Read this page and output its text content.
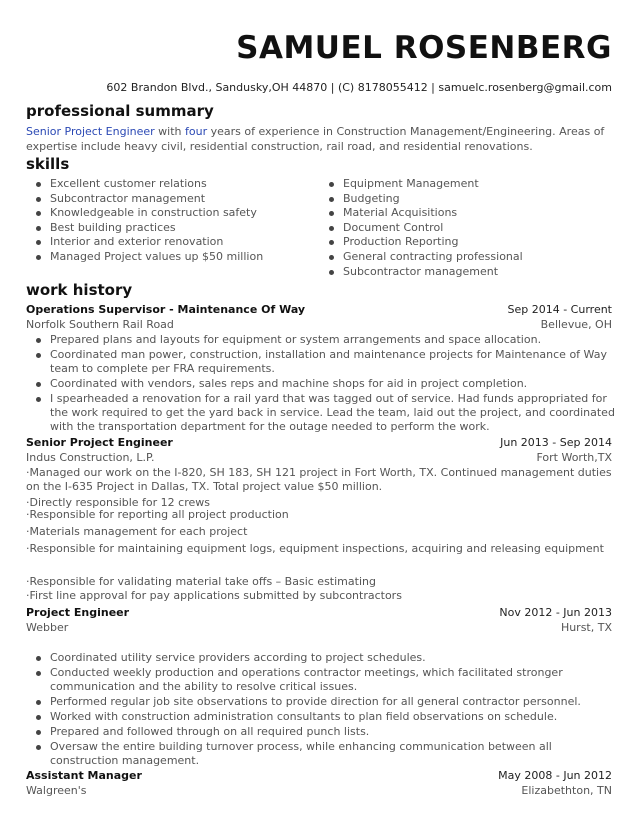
SAMUEL ROSENBERG
602 Brandon Blvd., Sandusky,OH 44870 | (C) 8178055412 | samuelc.rosenberg@gmail.com
professional summary
Senior Project Engineer with four years of experience in Construction Management/Engineering. Areas of expertise include heavy civil, residential construction, rail road, and residential renovations.
skills
Excellent customer relations
Subcontractor management
Knowledgeable in construction safety
Best building practices
Interior and exterior renovation
Managed Project values up $50 million
Equipment Management
Budgeting
Material Acquisitions
Document Control
Production Reporting
General contracting professional
Subcontractor management
work history
Operations Supervisor - Maintenance Of Way	Sep 2014 - Current
Norfolk Southern Rail Road	Bellevue, OH
Prepared plans and layouts for equipment or system arrangements and space allocation.
Coordinated man power, construction, installation and maintenance projects for Maintenance of Way team to complete per FRA requirements.
Coordinated with vendors, sales reps and machine shops for aid in project completion.
I spearheaded a renovation for a rail yard that was tagged out of service. Had funds appropriated for the work required to get the yard back in service. Lead the team, laid out the project, and coordinated with the transportation department for the outage needed to perform the work.
Senior Project Engineer	Jun 2013 - Sep 2014
Indus Construction, L.P.	Fort Worth,TX
·Managed our work on the I-820, SH 183, SH 121 project in Fort Worth, TX. Continued management duties on the I-635 Project in Dallas, TX. Total project value $50 million.
·Directly responsible for 12 crews
·Responsible for reporting all project production
·Materials management for each project
·Responsible for maintaining equipment logs, equipment inspections, acquiring and releasing equipment
·Responsible for validating material take offs – Basic estimating
·First line approval for pay applications submitted by subcontractors
Project Engineer	Nov 2012 - Jun 2013
Webber	Hurst, TX
Coordinated utility service providers according to project schedules.
Conducted weekly production and operations contractor meetings, which facilitated stronger communication and the ability to resolve critical issues.
Performed regular job site observations to provide direction for all general contractor personnel.
Worked with construction administration consultants to plan field observations on schedule.
Prepared and followed through on all required punch lists.
Oversaw the entire building turnover process, while enhancing communication between all construction management.
Assistant Manager	May 2008 - Jun 2012
Walgreen's	Elizabethton, TN
